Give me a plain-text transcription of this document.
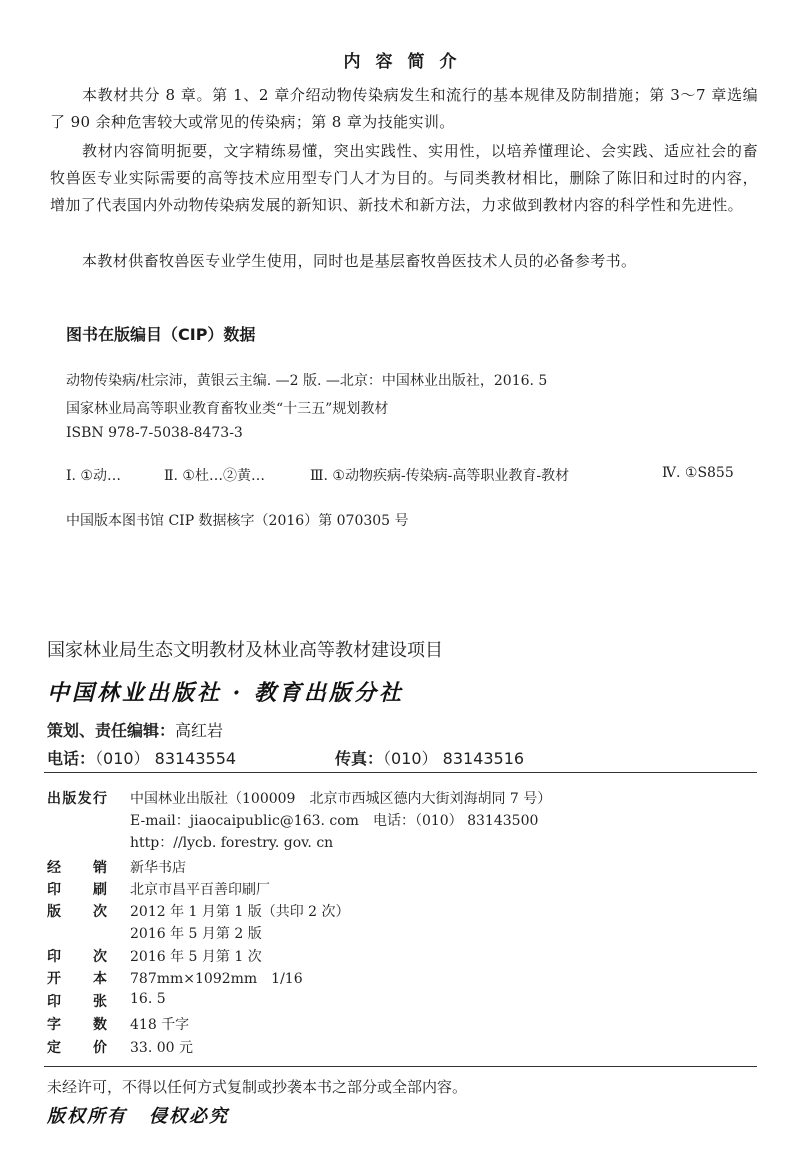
内容简介
本教材共分 8 章。第 1、2 章介绍动物传染病发生和流行的基本规律及防制措施；第 3～7 章选编了 90 余种危害较大或常见的传染病；第 8 章为技能实训。
教材内容简明扼要，文字精练易懂，突出实践性、实用性，以培养懂理论、会实践、适应社会的畜牧兽医专业实际需要的高等技术应用型专门人才为目的。与同类教材相比，删除了陈旧和过时的内容，增加了代表国内外动物传染病发展的新知识、新技术和新方法，力求做到教材内容的科学性和先进性。
本教材供畜牧兽医专业学生使用，同时也是基层畜牧兽医技术人员的必备参考书。
图书在版编目（CIP）数据
动物传染病/杜宗沛，黄银云主编. —2 版. —北京：中国林业出版社，2016. 5
国家林业局高等职业教育畜牧业类“十三五”规划教材
ISBN 978-7-5038-8473-3
Ⅰ. ①动…	Ⅱ. ①杜…②黄…	Ⅲ. ①动物疾病-传染病-高等职业教育-教材	Ⅳ. ①S855
中国版本图书馆 CIP 数据核字（2016）第 070305 号
国家林业局生态文明教材及林业高等教材建设项目
中国林业出版社 · 教育出版分社
策划、责任编辑：高红岩
电话：（010） 83143554	传真：（010） 83143516
出版发行 中国林业出版社（100009　北京市西城区德内大街刘海胡同 7 号）
E-mail：jiaocaipublic@163. com　电话：（010） 83143500
http：//lycb. forestry. gov. cn
经　　销 新华书店
印　　刷 北京市昌平百善印刷厂
版　　次 2012 年 1 月第 1 版（共印 2 次）
2016 年 5 月第 2 版
印　　次 2016 年 5 月第 1 次
开　　本 787mm×1092mm　1/16
印　　张 16. 5
字　　数 418 千字
定　　价 33. 00 元
未经许可，不得以任何方式复制或抄袭本书之部分或全部内容。
版权所有 侵权必究
